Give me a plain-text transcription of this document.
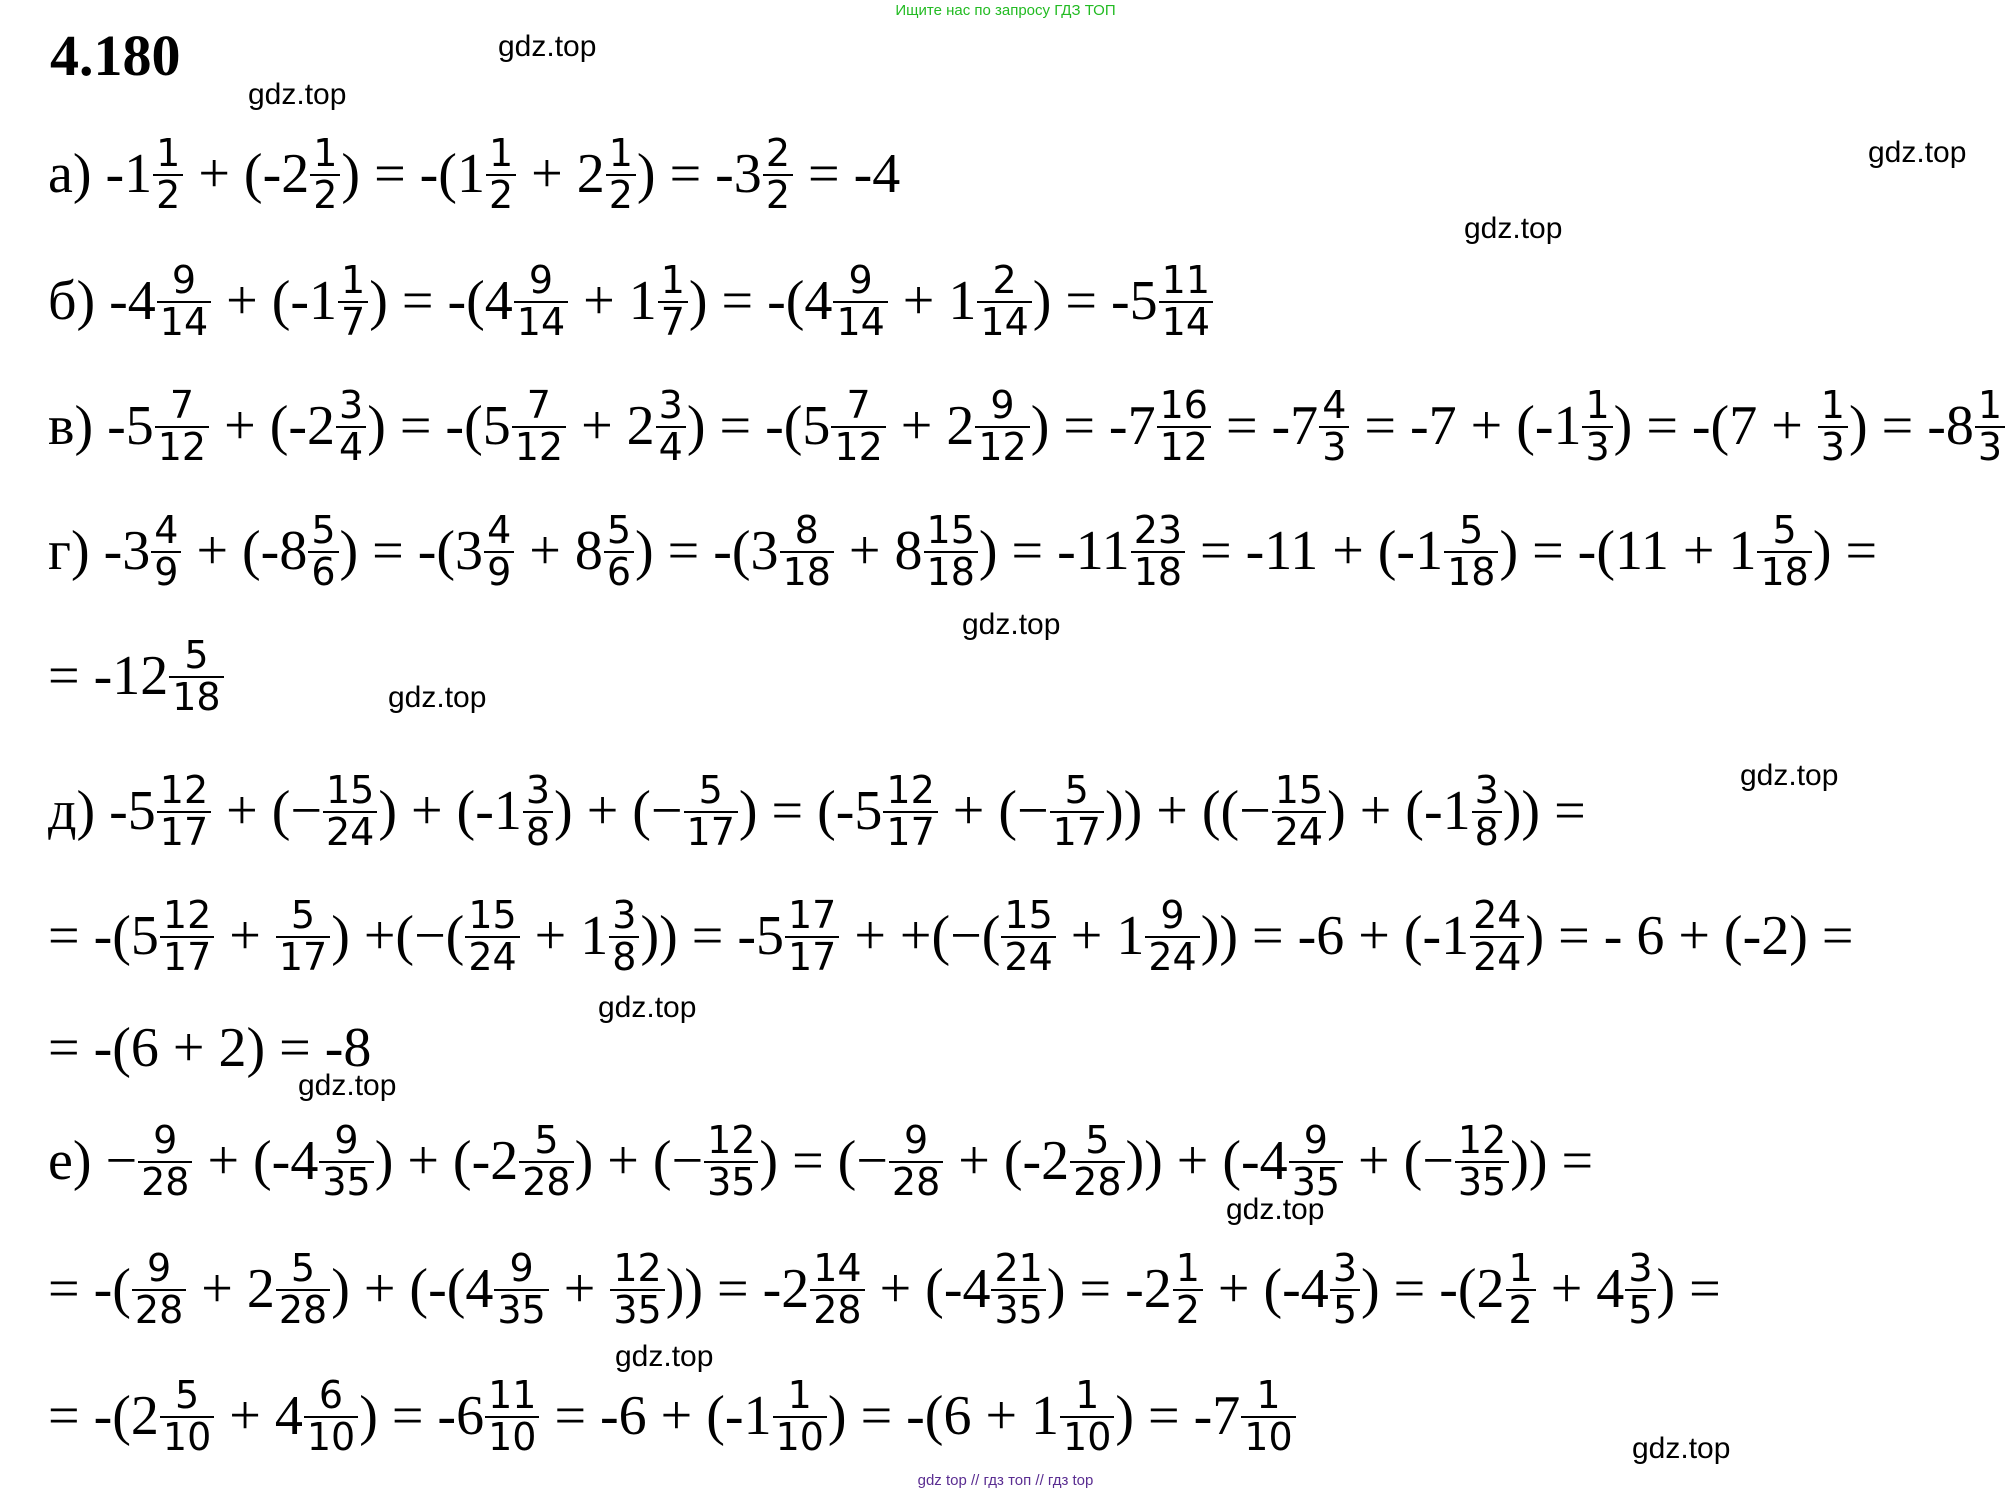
Ищите нас по запросу ГДЗ ТОП
4.180	gdz.top
gdz.top
gdz.top
gdz.top
gdz.top
gdz.top
gdz.top
gdz.top
gdz.top
gdz.top
gdz.top
gdz.top
а) $-1 \frac{1}{2} + (-2 \frac{1}{2}$ ) = $-(1 \frac{1}{2} + 2 \frac{1}{2}$ ) = $-3 \frac{2}{2} = -4$
б) $-4 \frac{9}{14} + (-1 \frac{1}{7}$ ) = $-(4 \frac{9}{14} + 1 \frac{1}{7}$ ) = $-(4 \frac{9}{14} + 1 \frac{2}{14}$ ) = $-5 \frac{11}{14}$
в) $-5 \frac{7}{12} + (-2 \frac{3}{4}$ ) = $-(5 \frac{7}{12} + 2 \frac{3}{4}$ ) = $-(5 \frac{7}{12} + 2 \frac{9}{12}$ ) = $-7 \frac{16}{12} = -7 \frac{4}{3} = -7 + (-1 \frac{1}{3}$ ) = $-(7 + \frac{1}{3}$ ) = $-8 \frac{1}{3}$
г) $-3 \frac{4}{9} + (-8 \frac{5}{6}$ ) = $-(3 \frac{4}{9} + 8 \frac{5}{6}$ ) = $-(3 \frac{8}{18} + 8 \frac{15}{18}$ ) = $-11 \frac{23}{18} = -11 + (-1 \frac{5}{18}$ ) = $-(11 + 1 \frac{5}{18}$ ) =
= $-12 \frac{5}{18}$
д) $-5 \frac{12}{17}$ + (− $\frac{15}{24}$ ) + ($-1 \frac{3}{8}$ ) + (− $\frac{5}{17}$ ) = ($-5 \frac{12}{17}$ + (− $\frac{5}{17}$ )) + ((− $\frac{15}{24}$ ) + ($-1 \frac{3}{8}$ )) =
= $-(5 \frac{12}{17} + \frac{5}{17}$ ) +(−( $\frac{15}{24} + 1 \frac{3}{8}$ )) = $-5 \frac{17}{17}$ + +(−( $\frac{15}{24} + 1 \frac{9}{24}$ )) = $-6 + (-1 \frac{24}{24}$ ) = - 6 + (-2) =
= -(6 + 2) = -8
$е) - \frac{9}{28} + (-4 \frac{9}{35}$ ) + ($-2 \frac{5}{28}$ ) + (− $\frac{12}{35}$ ) = (− $\frac{9}{28} + (-2 \frac{5}{28}$ )) + ($-4 \frac{9}{35}$ + (− $\frac{12}{35}$ )) =
= -( $\frac{9}{28} + 2 \frac{5}{28}$ ) + ($-(4 \frac{9}{35} + \frac{12}{35}$ )) = $-2 \frac{14}{28} + (-4 \frac{21}{35}$ ) = $-2 \frac{1}{2} + (-4 \frac{3}{5}$ ) = $-(2 \frac{1}{2} + 4 \frac{3}{5}$ ) =
= $-(2 \frac{5}{10} + 4 \frac{6}{10}$ ) = $-6 \frac{11}{10} = -6 + (-1 \frac{1}{10}$ ) = $-(6 + 1 \frac{1}{10}$ ) = $-7 \frac{1}{10}$
gdz top // гдз топ // гдз top
